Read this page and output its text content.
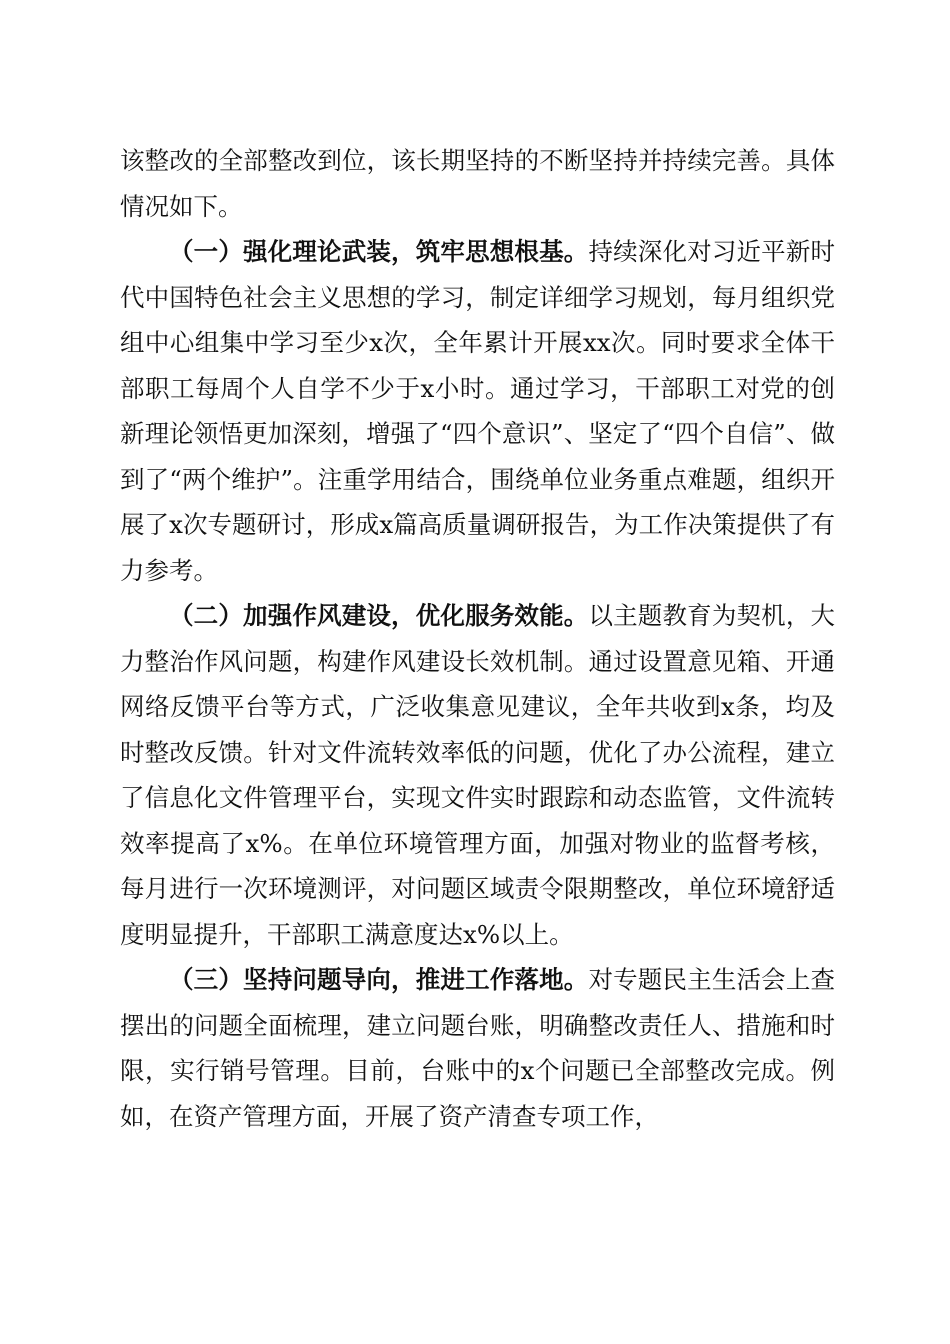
该整改的全部整改到位，该长期坚持的不断坚持并持续完善。具体情况如下。

（一）强化理论武装，筑牢思想根基。持续深化对习近平新时代中国特色社会主义思想的学习，制定详细学习规划，每月组织党组中心组集中学习至少x次，全年累计开展xx次。同时要求全体干部职工每周个人自学不少于x小时。通过学习，干部职工对党的创新理论领悟更加深刻，增强了“四个意识”、坚定了“四个自信”、做到了“两个维护”。注重学用结合，围绕单位业务重点难题，组织开展了x次专题研讨，形成x篇高质量调研报告，为工作决策提供了有力参考。

（二）加强作风建设，优化服务效能。以主题教育为契机，大力整治作风问题，构建作风建设长效机制。通过设置意见箱、开通网络反馈平台等方式，广泛收集意见建议，全年共收到x条，均及时整改反馈。针对文件流转效率低的问题，优化了办公流程，建立了信息化文件管理平台，实现文件实时跟踪和动态监管，文件流转效率提高了x%。在单位环境管理方面，加强对物业的监督考核，每月进行一次环境测评，对问题区域责令限期整改，单位环境舒适度明显提升，干部职工满意度达x%以上。

（三）坚持问题导向，推进工作落地。对专题民主生活会上查摆出的问题全面梳理，建立问题台账，明确整改责任人、措施和时限，实行销号管理。目前，台账中的x个问题已全部整改完成。例如，在资产管理方面，开展了资产清查专项工作，
